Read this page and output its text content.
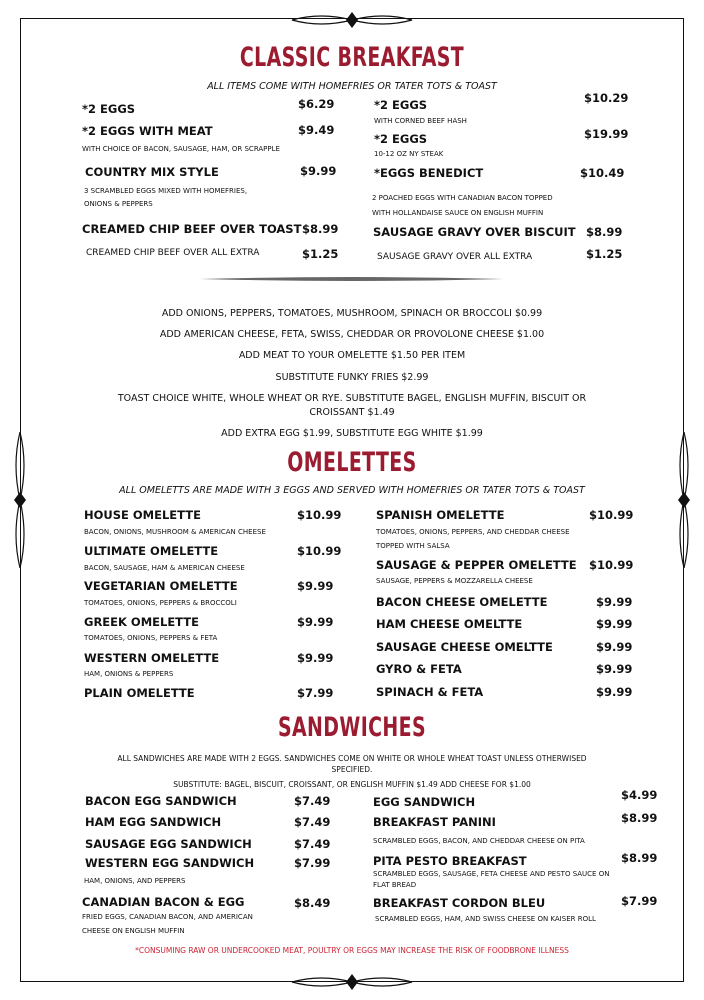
CLASSIC BREAKFAST
ALL ITEMS COME WITH HOMEFRIES OR TATER TOTS & TOAST
*2 EGGS	$6.29
*2 EGGS WITH MEAT	$9.49
WITH CHOICE OF BACON, SAUSAGE, HAM, OR SCRAPPLE
COUNTRY MIX STYLE	$9.99
3 SCRAMBLED EGGS MIXED WITH HOMEFRIES,
ONIONS & PEPPERS
CREAMED CHIP BEEF OVER TOAST $8.99
CREAMED CHIP BEEF OVER ALL EXTRA	$1.25
*2 EGGS	$10.29
WITH CORNED BEEF HASH
*2 EGGS	$19.99
10-12 OZ NY STEAK
*EGGS BENEDICT	$10.49
2 POACHED EGGS WITH CANADIAN BACON TOPPED
WITH HOLLANDAISE SAUCE ON ENGLISH MUFFIN
SAUSAGE GRAVY OVER BISCUIT $8.99
SAUSAGE GRAVY OVER ALL EXTRA	$1.25
ADD ONIONS, PEPPERS, TOMATOES, MUSHROOM, SPINACH OR BROCCOLI $0.99
ADD AMERICAN CHEESE, FETA, SWISS, CHEDDAR OR PROVOLONE CHEESE $1.00
ADD MEAT TO YOUR OMELETTE $1.50 PER ITEM
SUBSTITUTE FUNKY FRIES $2.99
TOAST CHOICE WHITE, WHOLE WHEAT OR RYE. SUBSTITUTE BAGEL, ENGLISH MUFFIN, BISCUIT OR
CROISSANT $1.49
ADD EXTRA EGG $1.99, SUBSTITUTE EGG WHITE $1.99
OMELETTES
ALL OMELETTS ARE MADE WITH 3 EGGS AND SERVED WITH HOMEFRIES OR TATER TOTS & TOAST
HOUSE OMELETTE	$10.99
BACON, ONIONS, MUSHROOM & AMERICAN CHEESE
ULTIMATE OMELETTE	$10.99
BACON, SAUSAGE, HAM & AMERICAN CHEESE
VEGETARIAN OMELETTE	$9.99
TOMATOES, ONIONS, PEPPERS & BROCCOLI
GREEK OMELETTE	$9.99
TOMATOES, ONIONS, PEPPERS & FETA
WESTERN OMELETTE	$9.99
HAM, ONIONS & PEPPERS
PLAIN OMELETTE	$7.99
SPANISH OMELETTE	$10.99
TOMATOES, ONIONS, PEPPERS, AND CHEDDAR CHEESE
TOPPED WITH SALSA
SAUSAGE & PEPPER OMELETTE $10.99
SAUSAGE, PEPPERS & MOZZARELLA CHEESE
BACON CHEESE OMELETTE	$9.99
HAM CHEESE OMELTTE	$9.99
SAUSAGE CHEESE OMELTTE	$9.99
GYRO & FETA	$9.99
SPINACH & FETA	$9.99
SANDWICHES
ALL SANDWICHES ARE MADE WITH 2 EGGS. SANDWICHES COME ON WHITE OR WHOLE WHEAT TOAST UNLESS OTHERWISED
SPECIFIED.
SUBSTITUTE: BAGEL, BISCUIT, CROISSANT, OR ENGLISH MUFFIN $1.49 ADD CHEESE FOR $1.00
BACON EGG SANDWICH	$7.49
HAM EGG SANDWICH	$7.49
SAUSAGE EGG SANDWICH	$7.49
WESTERN EGG SANDWICH	$7.99
HAM, ONIONS, AND PEPPERS
CANADIAN BACON & EGG	$8.49
FRIED EGGS, CANADIAN BACON, AND AMERICAN
CHEESE ON ENGLISH MUFFIN
EGG SANDWICH	$4.99
BREAKFAST PANINI	$8.99
SCRAMBLED EGGS, BACON, AND CHEDDAR CHEESE ON PITA
PITA PESTO BREAKFAST	$8.99
SCRAMBLED EGGS, SAUSAGE, FETA CHEESE AND PESTO SAUCE ON
FLAT BREAD
BREAKFAST CORDON BLEU	$7.99
SCRAMBLED EGGS, HAM, AND SWISS CHEESE ON KAISER ROLL
*CONSUMING RAW OR UNDERCOOKED MEAT, POULTRY OR EGGS MAY INCREASE THE RISK OF FOODBRONE ILLNESS
